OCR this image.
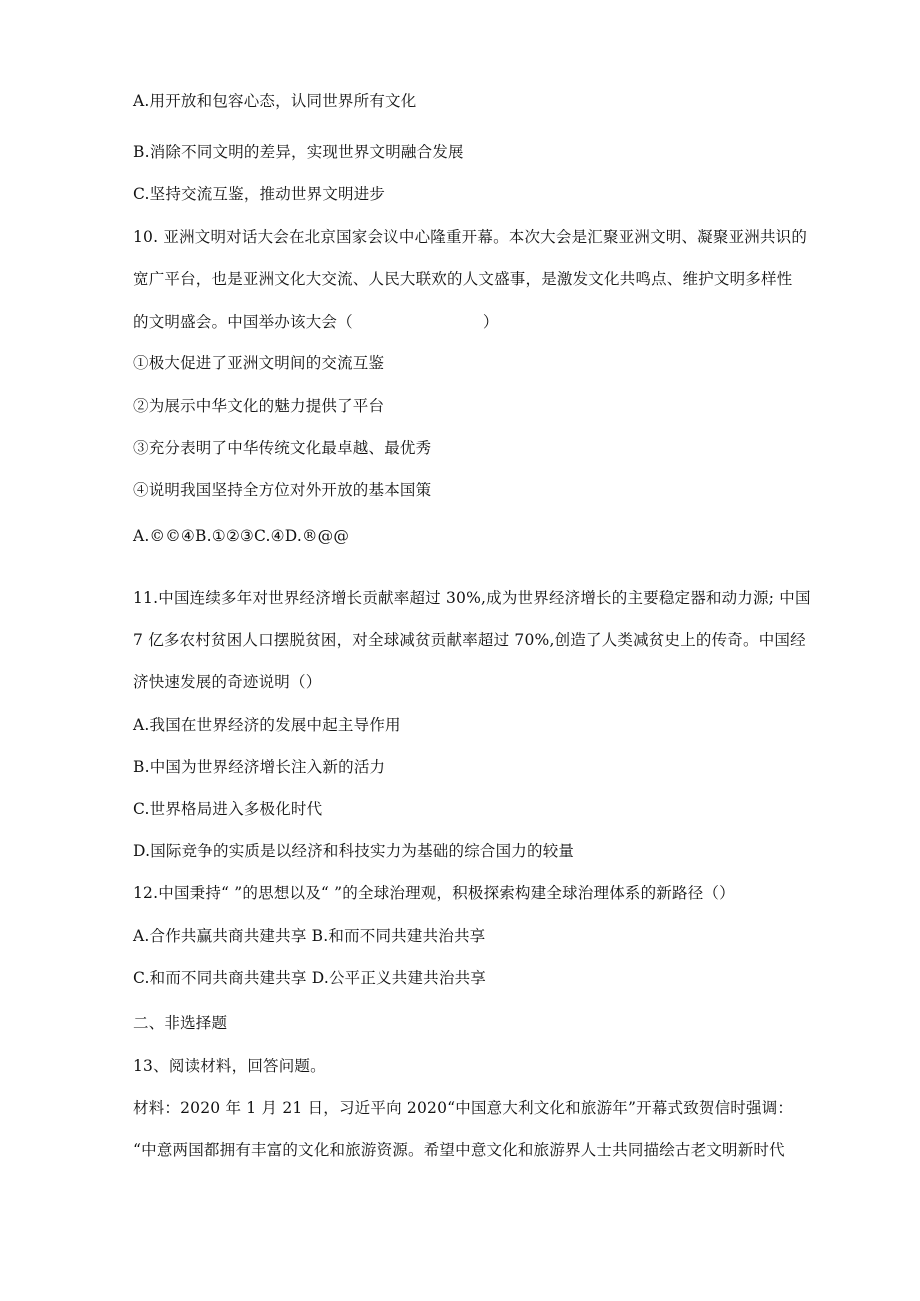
A.用开放和包容心态，认同世界所有文化
B.消除不同文明的差异，实现世界文明融合发展
C.坚持交流互鉴，推动世界文明进步
10. 亚洲文明对话大会在北京国家会议中心隆重开幕。本次大会是汇聚亚洲文明、凝聚亚洲共识的
宽广平台，也是亚洲文化大交流、人民大联欢的人文盛事，是激发文化共鸣点、维护文明多样性
的文明盛会。中国举办该大会（	）
①极大促进了亚洲文明间的交流互鉴
②为展示中华文化的魅力提供了平台
③充分表明了中华传统文化最卓越、最优秀
④说明我国坚持全方位对外开放的基本国策
A.©©④B.①②③C.④D.®@@
11.中国连续多年对世界经济增长贡献率超过 30%,成为世界经济增长的主要稳定器和动力源; 中国
7 亿多农村贫困人口摆脱贫困，对全球减贫贡献率超过 70%,创造了人类减贫史上的传奇。中国经
济快速发展的奇迹说明（）
A.我国在世界经济的发展中起主导作用
B.中国为世界经济增长注入新的活力
C.世界格局进入多极化时代
D.国际竞争的实质是以经济和科技实力为基础的综合国力的较量
12.中国秉持“ ”的思想以及“ ”的全球治理观，积极探索构建全球治理体系的新路径（）
A.合作共赢共商共建共享 B.和而不同共建共治共享
C.和而不同共商共建共享 D.公平正义共建共治共享
二、非选择题
13、阅读材料，回答问题。
材料：2020 年 1 月 21 日，习近平向 2020“中国意大利文化和旅游年”开幕式致贺信时强调：
“中意两国都拥有丰富的文化和旅游资源。希望中意文化和旅游界人士共同描绘古老文明新时代
